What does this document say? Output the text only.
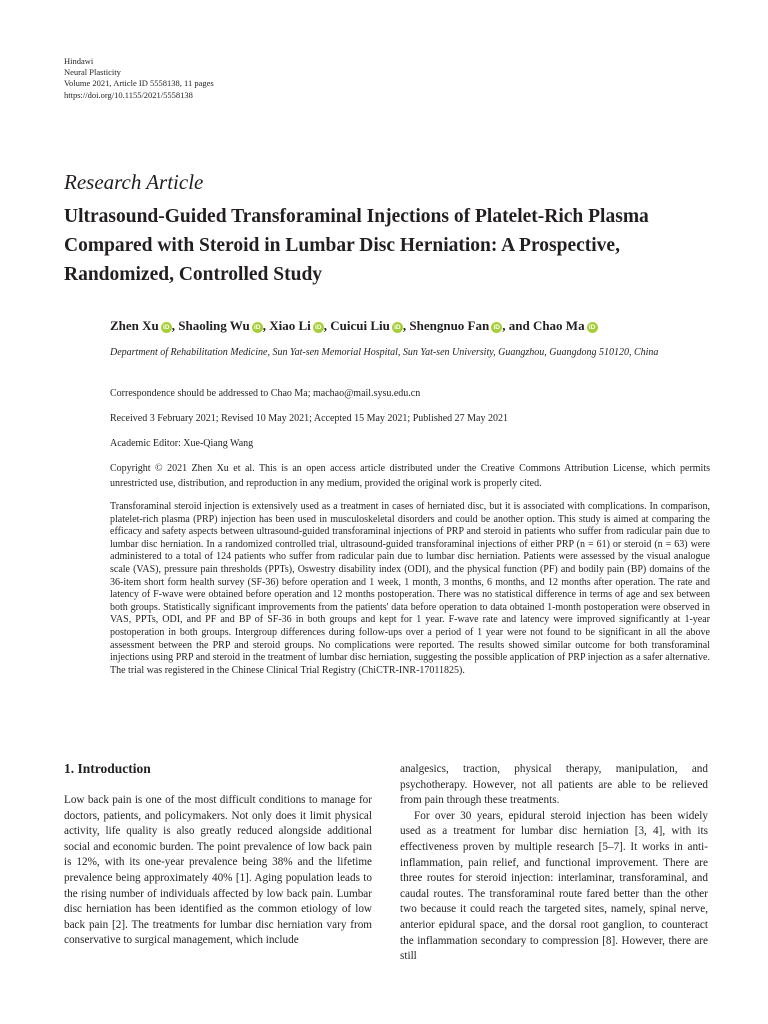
Hindawi
Neural Plasticity
Volume 2021, Article ID 5558138, 11 pages
https://doi.org/10.1155/2021/5558138
Research Article
Ultrasound-Guided Transforaminal Injections of Platelet-Rich Plasma Compared with Steroid in Lumbar Disc Herniation: A Prospective, Randomized, Controlled Study
Zhen Xu iD , Shaoling Wu iD , Xiao Li iD , Cuicui Liu iD , Shengnuo Fan iD , and Chao Ma iD
Department of Rehabilitation Medicine, Sun Yat-sen Memorial Hospital, Sun Yat-sen University, Guangzhou, Guangdong 510120, China
Correspondence should be addressed to Chao Ma; machao@mail.sysu.edu.cn
Received 3 February 2021; Revised 10 May 2021; Accepted 15 May 2021; Published 27 May 2021
Academic Editor: Xue-Qiang Wang
Copyright © 2021 Zhen Xu et al. This is an open access article distributed under the Creative Commons Attribution License, which permits unrestricted use, distribution, and reproduction in any medium, provided the original work is properly cited.

Transforaminal steroid injection is extensively used as a treatment in cases of herniated disc, but it is associated with complications. In comparison, platelet-rich plasma (PRP) injection has been used in musculoskeletal disorders and could be another option. This study is aimed at comparing the efficacy and safety aspects between ultrasound-guided transforaminal injections of PRP and steroid in patients who suffer from radicular pain due to lumbar disc herniation. In a randomized controlled trial, ultrasound-guided transforaminal injections of either PRP (n = 61) or steroid (n = 63) were administered to a total of 124 patients who suffer from radicular pain due to lumbar disc herniation. Patients were assessed by the visual analogue scale (VAS), pressure pain thresholds (PPTs), Oswestry disability index (ODI), and the physical function (PF) and bodily pain (BP) domains of the 36-item short form health survey (SF-36) before operation and 1 week, 1 month, 3 months, 6 months, and 12 months after operation. The rate and latency of F-wave were obtained before operation and 12 months postoperation. There was no statistical difference in terms of age and sex between both groups. Statistically significant improvements from the patients' data before operation to data obtained 1-month postoperation were observed in VAS, PPTs, ODI, and PF and BP of SF-36 in both groups and kept for 1 year. F-wave rate and latency were improved significantly at 1-year postoperation in both groups. Intergroup differences during follow-ups over a period of 1 year were not found to be significant in all the above assessment between the PRP and steroid groups. No complications were reported. The results showed similar outcome for both transforaminal injections using PRP and steroid in the treatment of lumbar disc herniation, suggesting the possible application of PRP injection as a safer alternative. The trial was registered in the Chinese Clinical Trial Registry (ChiCTR-INR-17011825).

1. Introduction

Low back pain is one of the most difficult conditions to manage for doctors, patients, and policymakers. Not only does it limit physical activity, life quality is also greatly reduced alongside additional social and economic burden. The point prevalence of low back pain is 12%, with its one-year prevalence being 38% and the lifetime prevalence being approximately 40% [1]. Aging population leads to the rising number of individuals affected by low back pain. Lumbar disc herniation has been identified as the common etiology of low back pain [2]. The treatments for lumbar disc herniation vary from conservative to surgical management, which include

analgesics, traction, physical therapy, manipulation, and psychotherapy. However, not all patients are able to be relieved from pain through these treatments.

For over 30 years, epidural steroid injection has been widely used as a treatment for lumbar disc herniation [3, 4], with its effectiveness proven by multiple research [5–7]. It works in anti-inflammation, pain relief, and functional improvement. There are three routes for steroid injection: interlaminar, transforaminal, and caudal routes. The transforaminal route fared better than the other two because it could reach the targeted sites, namely, spinal nerve, anterior epidural space, and the dorsal root ganglion, to counteract the inflammation secondary to compression [8]. However, there are still
